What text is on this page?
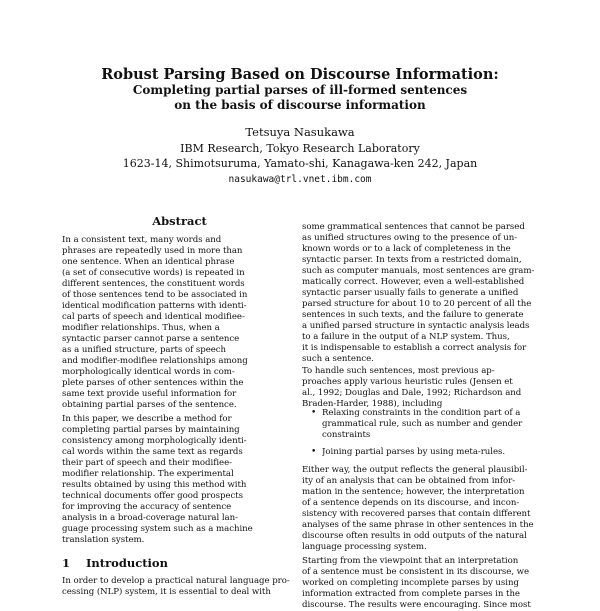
Robust Parsing Based on Discourse Information:
Completing partial parses of ill-formed sentences
on the basis of discourse information
Tetsuya Nasukawa
IBM Research, Tokyo Research Laboratory
1623-14, Shimotsuruma, Yamato-shi, Kanagawa-ken 242, Japan
nasukawa@trl.vnet.ibm.com
Abstract
In a consistent text, many words and
phrases are repeatedly used in more than
one sentence. When an identical phrase
(a set of consecutive words) is repeated in
different sentences, the constituent words
of those sentences tend to be associated in
identical modification patterns with identi-
cal parts of speech and identical modifiee-
modifier relationships. Thus, when a
syntactic parser cannot parse a sentence
as a unified structure, parts of speech
and modifier-modifiee relationships among
morphologically identical words in com-
plete parses of other sentences within the
same text provide useful information for
obtaining partial parses of the sentence.
In this paper, we describe a method for
completing partial parses by maintaining
consistency among morphologically identi-
cal words within the same text as regards
their part of speech and their modifiee-
modifier relationship. The experimental
results obtained by using this method with
technical documents offer good prospects
for improving the accuracy of sentence
analysis in a broad-coverage natural lan-
guage processing system such as a machine
translation system.
1 Introduction
In order to develop a practical natural language pro-
cessing (NLP) system, it is essential to deal with
some grammatical sentences that cannot be parsed
as unified structures owing to the presence of un-
known words or to a lack of completeness in the
syntactic parser. In texts from a restricted domain,
such as computer manuals, most sentences are gram-
matically correct. However, even a well-established
syntactic parser usually fails to generate a unified
parsed structure for about 10 to 20 percent of all the
sentences in such texts, and the failure to generate
a unified parsed structure in syntactic analysis leads
to a failure in the output of a NLP system. Thus,
it is indispensable to establish a correct analysis for
such a sentence.
To handle such sentences, most previous ap-
proaches apply various heuristic rules (Jensen et
al., 1992; Douglas and Dale, 1992; Richardson and
Braden-Harder, 1988), including
• Relaxing constraints in the condition part of a
grammatical rule, such as number and gender
constraints
• Joining partial parses by using meta-rules.
Either way, the output reflects the general plausibil-
ity of an analysis that can be obtained from infor-
mation in the sentence; however, the interpretation
of a sentence depends on its discourse, and incon-
sistency with recovered parses that contain different
analyses of the same phrase in other sentences in the
discourse often results in odd outputs of the natural
language processing system.
Starting from the viewpoint that an interpretation
of a sentence must be consistent in its discourse, we
worked on completing incomplete parses by using
information extracted from complete parses in the
discourse. The results were encouraging. Since most
